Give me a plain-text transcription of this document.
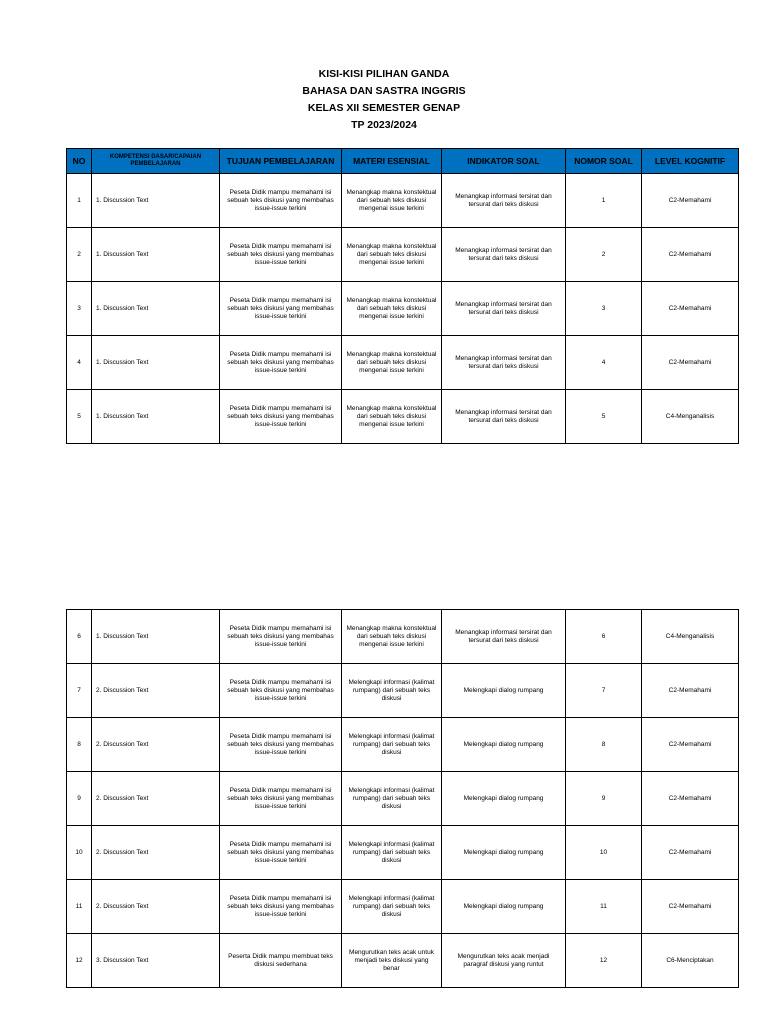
KISI-KISI PILIHAN GANDA
BAHASA DAN SASTRA INGGRIS
KELAS XII SEMESTER GENAP
TP 2023/2024
NO	KOMPETENSI DASAR/CAPAIAN PEMBELAJARAN	TUJUAN PEMBELAJARAN	MATERI ESENSIAL	INDIKATOR SOAL	NOMOR SOAL	LEVEL KOGNITIF
1	1. Discussion Text	Peseta Didik mampu memahami isi sebuah teks diskusi yang membahas issue-issue terkini	Menangkap makna konstektual dari sebuah teks diskusi mengenai issue terkini	Menangkap informasi tersirat dan tersurat dari teks diskusi	1	C2-Memahami
2	1. Discussion Text	Peseta Didik mampu memahami isi sebuah teks diskusi yang membahas issue-issue terkini	Menangkap makna konstektual dari sebuah teks diskusi mengenai issue terkini	Menangkap informasi tersirat dan tersurat dari teks diskusi	2	C2-Memahami
3	1. Discussion Text	Peseta Didik mampu memahami isi sebuah teks diskusi yang membahas issue-issue terkini	Menangkap makna konstektual dari sebuah teks diskusi mengenai issue terkini	Menangkap informasi tersirat dan tersurat dari teks diskusi	3	C2-Memahami
4	1. Discussion Text	Peseta Didik mampu memahami isi sebuah teks diskusi yang membahas issue-issue terkini	Menangkap makna konstektual dari sebuah teks diskusi mengenai issue terkini	Menangkap informasi tersirat dan tersurat dari teks diskusi	4	C2-Memahami
5	1. Discussion Text	Peseta Didik mampu memahami isi sebuah teks diskusi yang membahas issue-issue terkini	Menangkap makna konstektual dari sebuah teks diskusi mengenai issue terkini	Menangkap informasi tersirat dan tersurat dari teks diskusi	5	C4-Menganalisis
6	1. Discussion Text	Peseta Didik mampu memahami isi sebuah teks diskusi yang membahas issue-issue terkini	Menangkap makna konstektual dari sebuah teks diskusi mengenai issue terkini	Menangkap informasi tersirat dan tersurat dari teks diskusi	6	C4-Menganalisis
7	2. Discussion Text	Peseta Didik mampu memahami isi sebuah teks diskusi yang membahas issue-issue terkini	Melengkapi informasi (kalimat rumpang) dari sebuah teks diskusi	Melengkapi dialog rumpang	7	C2-Memahami
8	2. Discussion Text	Peseta Didik mampu memahami isi sebuah teks diskusi yang membahas issue-issue terkini	Melengkapi informasi (kalimat rumpang) dari sebuah teks diskusi	Melengkapi dialog rumpang	8	C2-Memahami
9	2. Discussion Text	Peseta Didik mampu memahami isi sebuah teks diskusi yang membahas issue-issue terkini	Melengkapi informasi (kalimat rumpang) dari sebuah teks diskusi	Melengkapi dialog rumpang	9	C2-Memahami
10	2. Discussion Text	Peseta Didik mampu memahami isi sebuah teks diskusi yang membahas issue-issue terkini	Melengkapi informasi (kalimat rumpang) dari sebuah teks diskusi	Melengkapi dialog rumpang	10	C2-Memahami
11	2. Discussion Text	Peseta Didik mampu memahami isi sebuah teks diskusi yang membahas issue-issue terkini	Melengkapi informasi (kalimat rumpang) dari sebuah teks diskusi	Melengkapi dialog rumpang	11	C2-Memahami
12	3. Discussion Text	Peserta Didik mampu membuat teks diskusi sederhana	Mengurutkan teks acak untuk menjadi teks diskusi yang benar	Mengurutkan teks acak menjadi paragraf diskusi yang runtut	12	C6-Menciptakan
